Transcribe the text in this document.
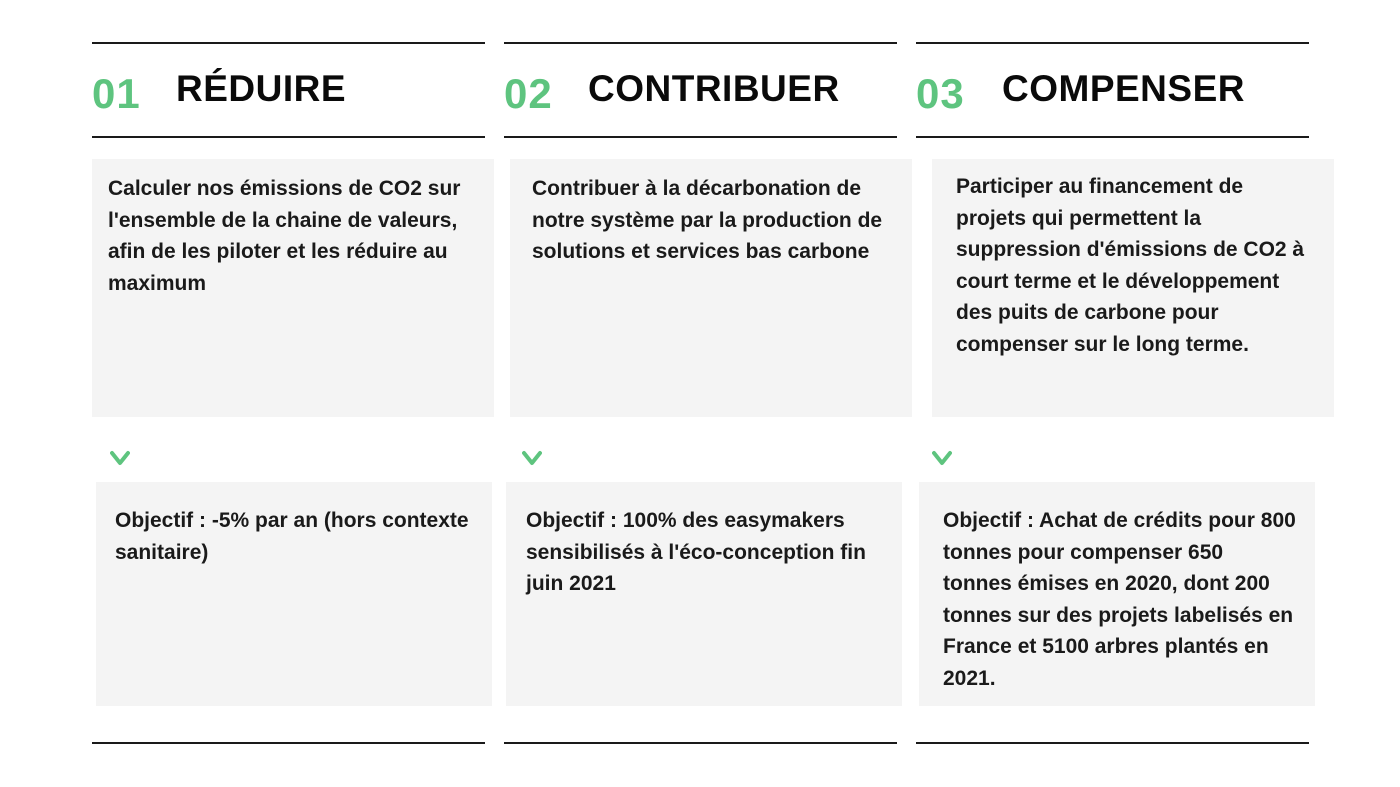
01 RÉDUIRE
Calculer nos émissions de CO2 sur l'ensemble de la chaine de valeurs, afin de les piloter et les réduire au maximum
Objectif : -5% par an (hors contexte sanitaire)
02 CONTRIBUER
Contribuer à la décarbonation de notre système par la production de solutions et services bas carbone
Objectif : 100% des easymakers sensibilisés à l'éco-conception fin juin 2021
03 COMPENSER
Participer au financement de projets qui permettent la suppression d'émissions de CO2 à court terme et le développement des puits de carbone pour compenser sur le long terme.
Objectif : Achat de crédits pour 800 tonnes pour compenser 650 tonnes émises en 2020, dont 200 tonnes sur des projets labelisés en France et 5100 arbres plantés en 2021.
